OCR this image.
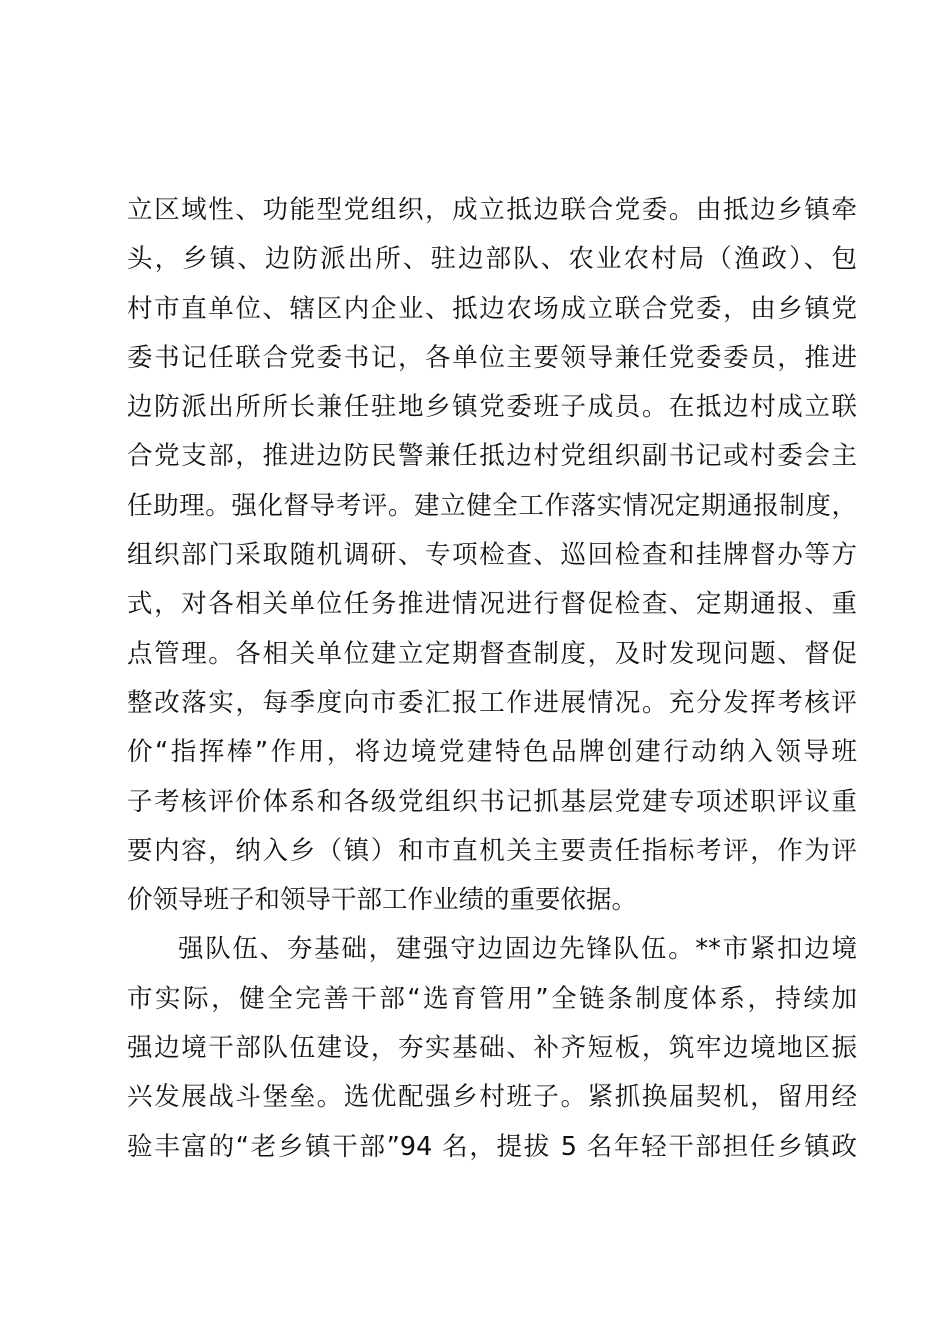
立区域性、功能型党组织，成立抵边联合党委。由抵边乡镇牵
头，乡镇、边防派出所、驻边部队、农业农村局（渔政）、包
村市直单位、辖区内企业、抵边农场成立联合党委，由乡镇党
委书记任联合党委书记，各单位主要领导兼任党委委员，推进
边防派出所所长兼任驻地乡镇党委班子成员。在抵边村成立联
合党支部，推进边防民警兼任抵边村党组织副书记或村委会主
任助理。强化督导考评。建立健全工作落实情况定期通报制度，
组织部门采取随机调研、专项检查、巡回检查和挂牌督办等方
式，对各相关单位任务推进情况进行督促检查、定期通报、重
点管理。各相关单位建立定期督查制度，及时发现问题、督促
整改落实，每季度向市委汇报工作进展情况。充分发挥考核评
价“指挥棒”作用，将边境党建特色品牌创建行动纳入领导班
子考核评价体系和各级党组织书记抓基层党建专项述职评议重
要内容，纳入乡（镇）和市直机关主要责任指标考评，作为评
价领导班子和领导干部工作业绩的重要依据。
强队伍、夯基础，建强守边固边先锋队伍。**市紧扣边境
市实际，健全完善干部“选育管用”全链条制度体系，持续加
强边境干部队伍建设，夯实基础、补齐短板，筑牢边境地区振
兴发展战斗堡垒。选优配强乡村班子。紧抓换届契机，留用经
验丰富的“老乡镇干部”94 名，提拔 5 名年轻干部担任乡镇政
